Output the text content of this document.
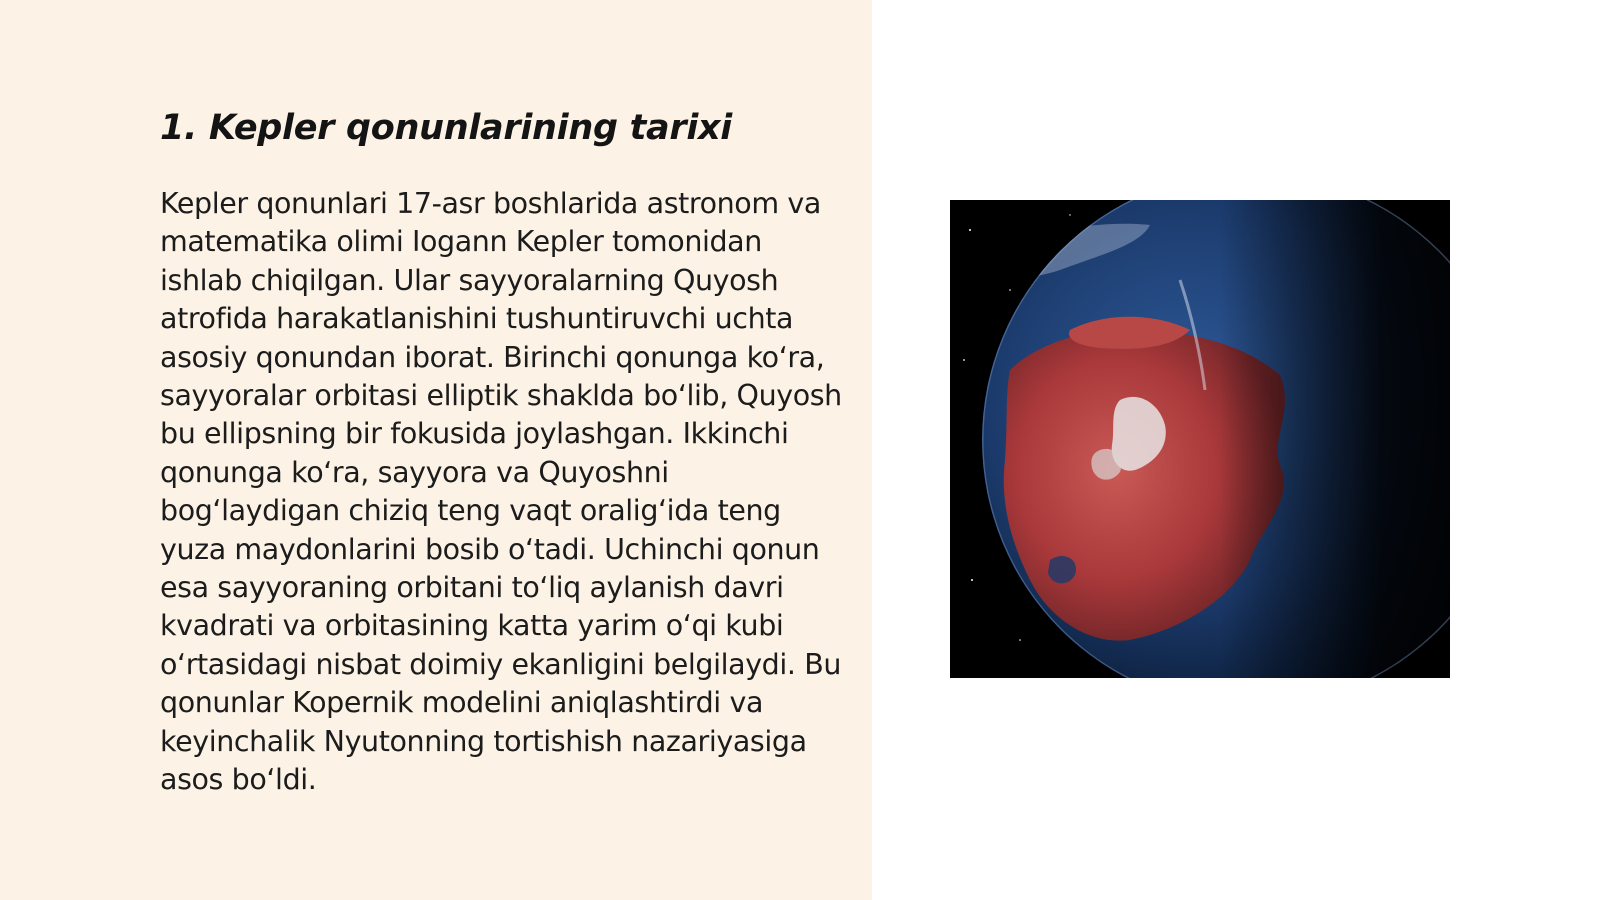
1. Kepler qonunlarining tarixi

Kepler qonunlari 17-asr boshlarida astronom va matematika olimi Iogann Kepler tomonidan ishlab chiqilgan. Ular sayyoralarning Quyosh atrofida harakatlanishini tushuntiruvchi uchta asosiy qonundan iborat. Birinchi qonunga koʻra, sayyoralar orbitasi elliptik shaklda boʻlib, Quyosh bu ellipsning bir fokusida joylashgan. Ikkinchi qonunga koʻra, sayyora va Quyoshni bogʻlaydigan chiziq teng vaqt oraligʻida teng yuza maydonlarini bosib oʻtadi. Uchinchi qonun esa sayyoraning orbitani toʻliq aylanish davri kvadrati va orbitasining katta yarim oʻqi kubi oʻrtasidagi nisbat doimiy ekanligini belgilaydi. Bu qonunlar Kopernik modelini aniqlashtirdi va keyinchalik Nyutonning tortishish nazariyasiga asos boʻldi.
